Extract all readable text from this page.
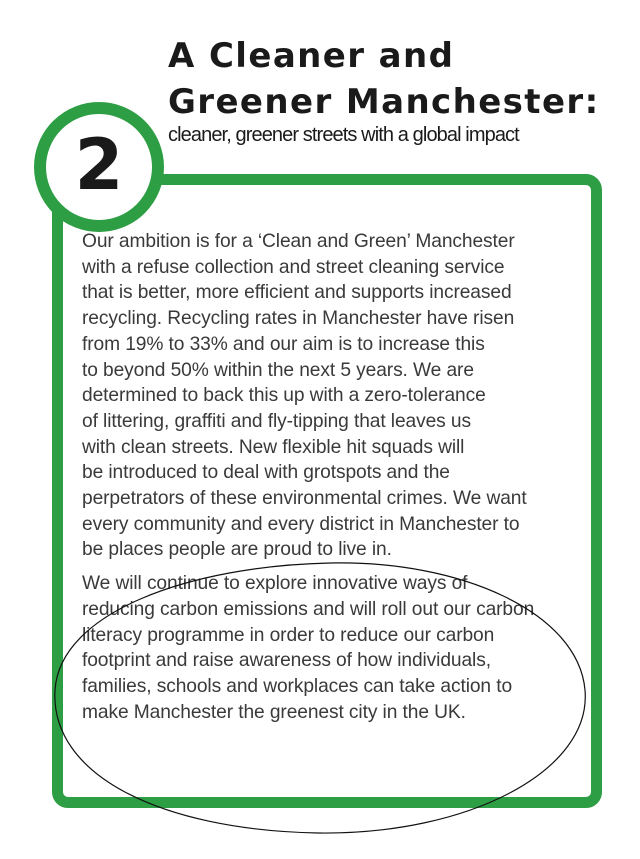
A Cleaner and
Greener Manchester:

cleaner, greener streets with a global impact

2
Our ambition is for a ‘Clean and Green’ Manchester
with a refuse collection and street cleaning service
that is better, more efficient and supports increased
recycling. Recycling rates in Manchester have risen
from 19% to 33% and our aim is to increase this
to beyond 50% within the next 5 years. We are
determined to back this up with a zero-tolerance
of littering, graffiti and fly-tipping that leaves us
with clean streets. New flexible hit squads will
be introduced to deal with grotspots and the
perpetrators of these environmental crimes. We want
every community and every district in Manchester to
be places people are proud to live in.
We will continue to explore innovative ways of
reducing carbon emissions and will roll out our carbon
literacy programme in order to reduce our carbon
footprint and raise awareness of how individuals,
families, schools and workplaces can take action to
make Manchester the greenest city in the UK.
